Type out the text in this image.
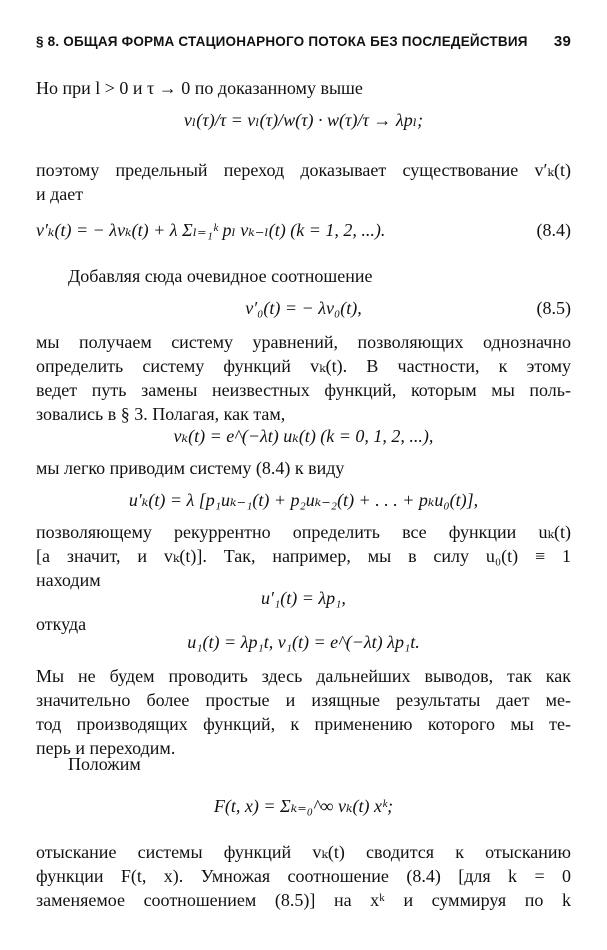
§ 8. ОБЩАЯ ФОРМА СТАЦИОНАРНОГО ПОТОКА БЕЗ ПОСЛЕДЕЙСТВИЯ 39
Но при l > 0 и τ → 0 по доказанному выше
vₗ(τ)/τ = vₗ(τ)/w(τ) · w(τ)/τ → λpₗ;
поэтому предельный переход доказывает существование v′ₖ(t)
и дает
v′ₖ(t) = − λvₖ(t) + λ Σₗ₌₁ᵏ pₗ vₖ₋ₗ(t) (k = 1, 2, ...).	(8.4)
Добавляя сюда очевидное соотношение
v′₀(t) = − λv₀(t),	(8.5)
мы получаем систему уравнений, позволяющих однозначно
определить систему функций vₖ(t). В частности, к этому
ведет путь замены неизвестных функций, которым мы поль-
зовались в § 3. Полагая, как там,
vₖ(t) = e^(−λt) uₖ(t) (k = 0, 1, 2, ...),
мы легко приводим систему (8.4) к виду
u′ₖ(t) = λ [p₁uₖ₋₁(t) + p₂uₖ₋₂(t) + . . . + pₖu₀(t)],
позволяющему рекуррентно определить все функции uₖ(t)
[а значит, и vₖ(t)]. Так, например, мы в силу u₀(t) ≡ 1
находим
u′₁(t) = λp₁,
откуда
u₁(t) = λp₁t, v₁(t) = e^(−λt) λp₁t.
Мы не будем проводить здесь дальнейших выводов, так как
значительно более простые и изящные результаты дает ме-
тод производящих функций, к применению которого мы те-
перь и переходим.
Положим
F(t, x) = Σₖ₌₀^∞ vₖ(t) xᵏ;
отыскание системы функций vₖ(t) сводится к отысканию
функции F(t, x). Умножая соотношение (8.4) [для k = 0
заменяемое соотношением (8.5)] на xᵏ и суммируя по k
